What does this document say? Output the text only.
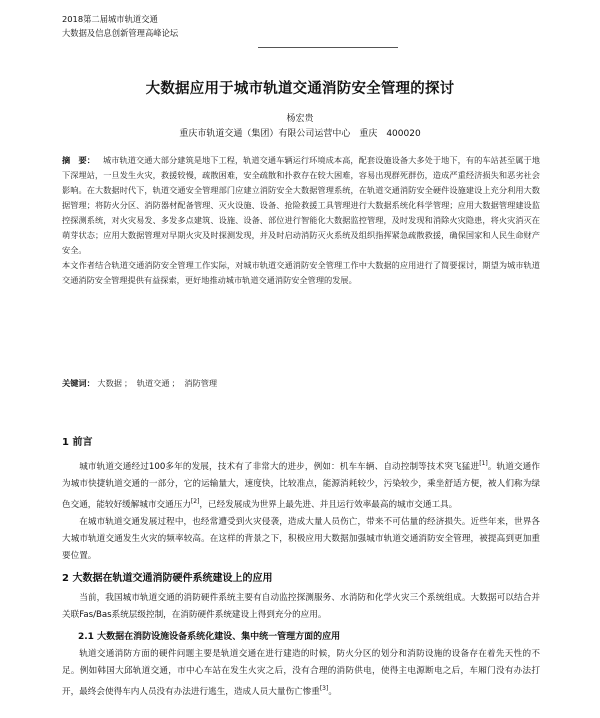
2018第二届城市轨道交通
大数据及信息创新管理高峰论坛
大数据应用于城市轨道交通消防安全管理的探讨
杨宏贵
重庆市轨道交通（集团）有限公司运营中心　重庆　400020

摘　要： 城市轨道交通大部分建筑是地下工程，轨道交通车辆运行环境成本高，配套设施设备大多处于地下，有的车站甚至属于地下深埋站，一旦发生火灾，救援较慢，疏散困难，安全疏散和扑救存在较大困难，容易出现群死群伤，造成严重经济损失和恶劣社会影响。在大数据时代下，轨道交通安全管理部门应建立消防安全大数据管理系统，在轨道交通消防安全硬件设施建设上充分利用大数据管理；将防火分区、消防器材配备管理、灭火设施、设备、抢险救援工具管理进行大数据系统化科学管理；应用大数据管理建设监控探测系统，对火灾易发、多发多点建筑、设施、设备、部位进行智能化大数据监控管理，及时发现和消除火灾隐患，将火灾消灭在萌芽状态；应用大数据管理对早期火灾及时探测发现，并及时启动消防灭火系统及组织指挥紧急疏散救援，确保国家和人民生命财产安全。

本文作者结合轨道交通消防安全管理工作实际，对城市轨道交通消防安全管理工作中大数据的应用进行了简要探讨，期望为城市轨道交通消防安全管理提供有益探索，更好地推动城市轨道交通消防安全管理的发展。

关键词： 大数据 ； 轨道交通 ； 消防管理
1 前言

城市轨道交通经过100多年的发展，技术有了非常大的进步，例如：机车车辆、自动控制等技术突飞猛进[1]。轨道交通作为城市快捷轨道交通的一部分，它的运输量大，速度快，比较准点，能源消耗较少，污染较少，乘坐舒适方便，被人们称为绿色交通，能较好缓解城市交通压力[2]，已经发展成为世界上最先进、并且运行效率最高的城市交通工具。

在城市轨道交通发展过程中，也经常遭受到火灾侵袭，造成大量人员伤亡，带来不可估量的经济损失。近些年来，世界各大城市轨道交通发生火灾的频率较高。在这样的背景之下，积极应用大数据加强城市轨道交通消防安全管理，被提高到更加重要位置。

2 大数据在轨道交通消防硬件系统建设上的应用

当前，我国城市轨道交通的消防硬件系统主要有自动监控探测服务、水消防和化学火灾三个系统组成。大数据可以结合并关联Fas/Bas系统层级控制，在消防硬件系统建设上得到充分的应用。

2.1 大数据在消防设施设备系统化建设、集中统一管理方面的应用

轨道交通消防方面的硬件问题主要是轨道交通在进行建造的时候，防火分区的划分和消防设施的设备存在着先天性的不足。例如韩国大邱轨道交通，市中心车站在发生火灾之后，没有合理的消防供电，使得主电源断电之后，车厢门没有办法打开，最终会使得车内人员没有办法进行逃生，造成人员大量伤亡惨重[3]。
